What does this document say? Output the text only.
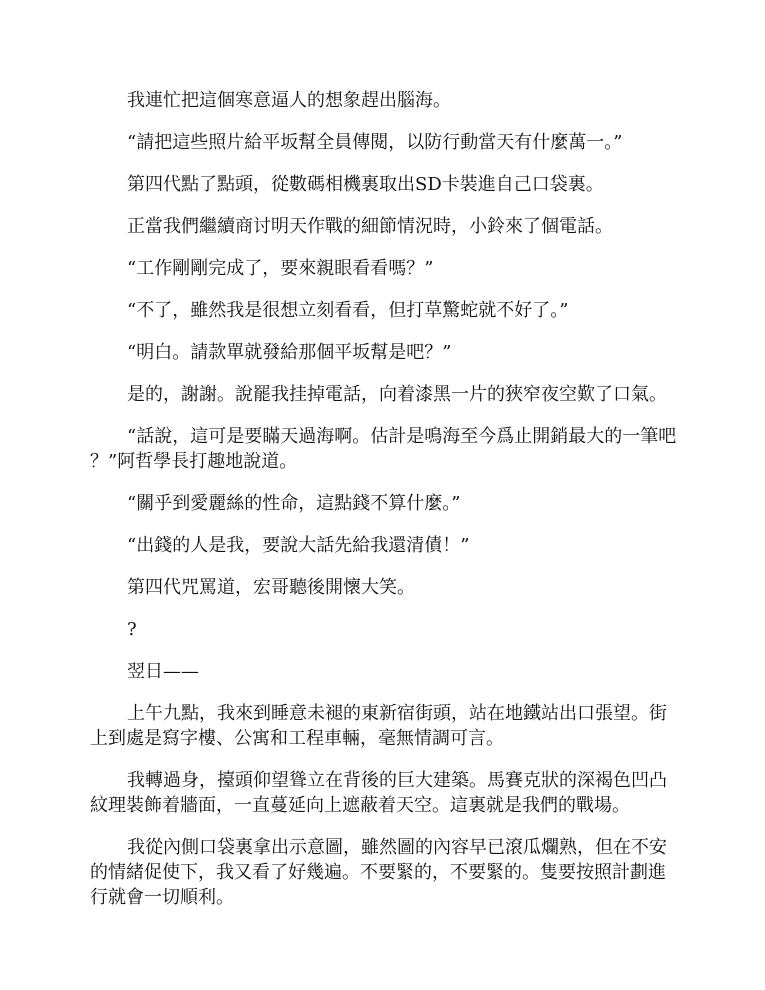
我連忙把這個寒意逼人的想象趕出腦海。

“請把這些照片給平坂幫全員傳閱，以防行動當天有什麼萬一。”

第四代點了點頭，從數碼相機裏取出SD卡裝進自己口袋裏。

正當我們繼續商讨明天作戰的細節情況時，小鈴來了個電話。

“工作剛剛完成了，要來親眼看看嗎？”

“不了，雖然我是很想立刻看看，但打草驚蛇就不好了。”

“明白。請款單就發給那個平坂幫是吧？”

是的，謝謝。說罷我挂掉電話，向着漆黑一片的狹窄夜空歎了口氣。

“話說，這可是要瞞天過海啊。估計是鳴海至今爲止開銷最大的一筆吧？”阿哲學長打趣地說道。

“關乎到愛麗絲的性命，這點錢不算什麼。”

“出錢的人是我，要說大話先給我還清債！”

第四代咒罵道，宏哥聽後開懷大笑。

?

翌日——

上午九點，我來到睡意未褪的東新宿街頭，站在地鐵站出口張望。街上到處是寫字樓、公寓和工程車輛，毫無情調可言。

我轉過身，擡頭仰望聳立在背後的巨大建築。馬賽克狀的深褐色凹凸紋理裝飾着牆面，一直蔓延向上遮蔽着天空。這裏就是我們的戰場。

我從內側口袋裏拿出示意圖，雖然圖的內容早已滾瓜爛熟，但在不安的情緒促使下，我又看了好幾遍。不要緊的，不要緊的。隻要按照計劃進行就會一切順利。
